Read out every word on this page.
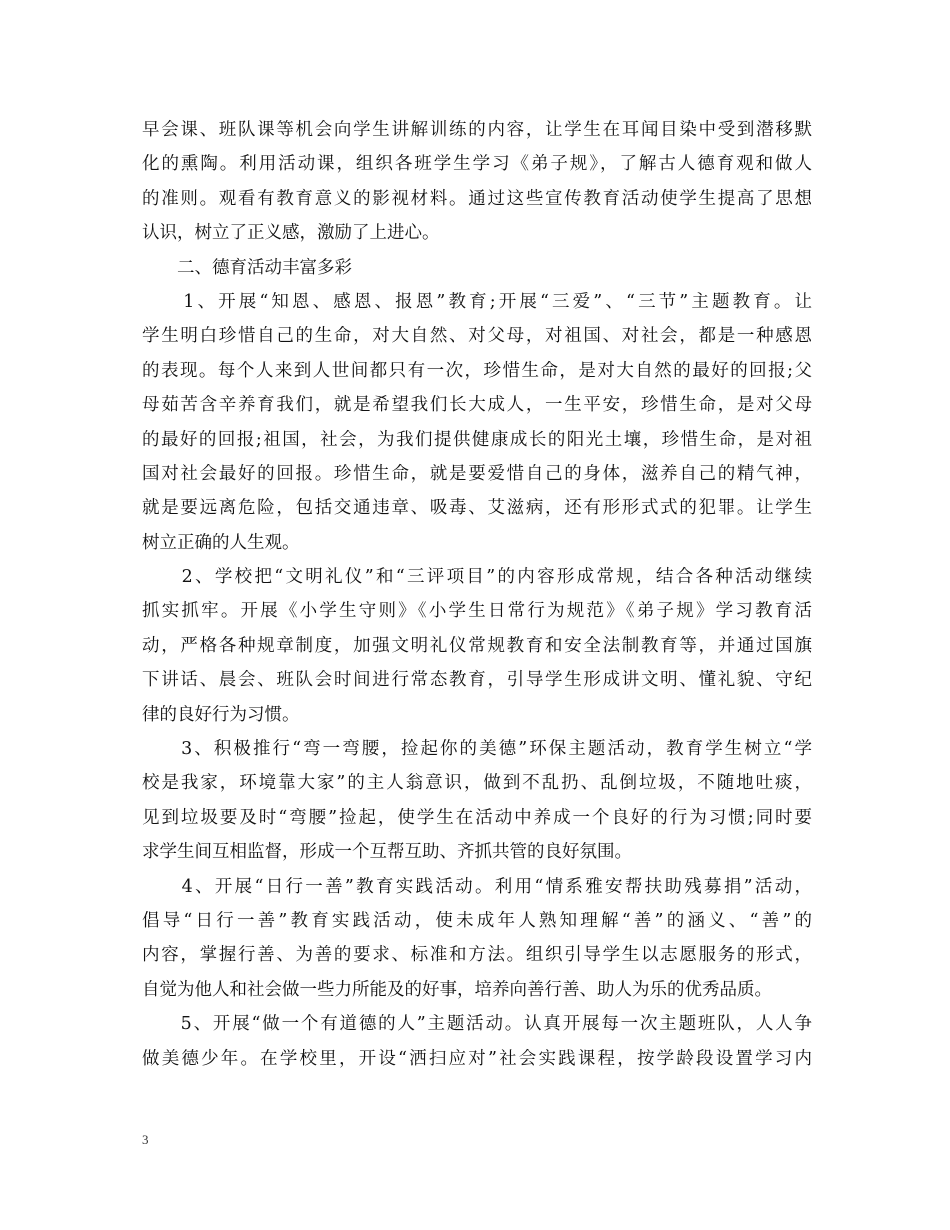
早会课、班队课等机会向学生讲解训练的内容，让学生在耳闻目染中受到潜移默
化的熏陶。利用活动课，组织各班学生学习《弟子规》，了解古人德育观和做人
的准则。观看有教育意义的影视材料。通过这些宣传教育活动使学生提高了思想
认识，树立了正义感，激励了上进心。
　　二、德育活动丰富多彩
　　1、开展“知恩、感恩、报恩”教育;开展“三爱”、“三节”主题教育。让
学生明白珍惜自己的生命，对大自然、对父母，对祖国、对社会，都是一种感恩
的表现。每个人来到人世间都只有一次，珍惜生命，是对大自然的最好的回报;父
母茹苦含辛养育我们，就是希望我们长大成人，一生平安，珍惜生命，是对父母
的最好的回报;祖国，社会，为我们提供健康成长的阳光土壤，珍惜生命，是对祖
国对社会最好的回报。珍惜生命，就是要爱惜自己的身体，滋养自己的精气神，
就是要远离危险，包括交通违章、吸毒、艾滋病，还有形形式式的犯罪。让学生
树立正确的人生观。
　　2、学校把“文明礼仪”和“三评项目”的内容形成常规，结合各种活动继续
抓实抓牢。开展《小学生守则》《小学生日常行为规范》《弟子规》学习教育活
动，严格各种规章制度，加强文明礼仪常规教育和安全法制教育等，并通过国旗
下讲话、晨会、班队会时间进行常态教育，引导学生形成讲文明、懂礼貌、守纪
律的良好行为习惯。
　　3、积极推行“弯一弯腰，捡起你的美德”环保主题活动，教育学生树立“学
校是我家，环境靠大家”的主人翁意识，做到不乱扔、乱倒垃圾，不随地吐痰，
见到垃圾要及时“弯腰”捡起，使学生在活动中养成一个良好的行为习惯;同时要
求学生间互相监督，形成一个互帮互助、齐抓共管的良好氛围。
　　4、开展“日行一善”教育实践活动。利用“情系雅安帮扶助残募捐”活动，
倡导“日行一善”教育实践活动，使未成年人熟知理解“善”的涵义、“善”的
内容，掌握行善、为善的要求、标准和方法。组织引导学生以志愿服务的形式，
自觉为他人和社会做一些力所能及的好事，培养向善行善、助人为乐的优秀品质。
　　5、开展“做一个有道德的人”主题活动。认真开展每一次主题班队，人人争
做美德少年。在学校里，开设“洒扫应对”社会实践课程，按学龄段设置学习内
3
